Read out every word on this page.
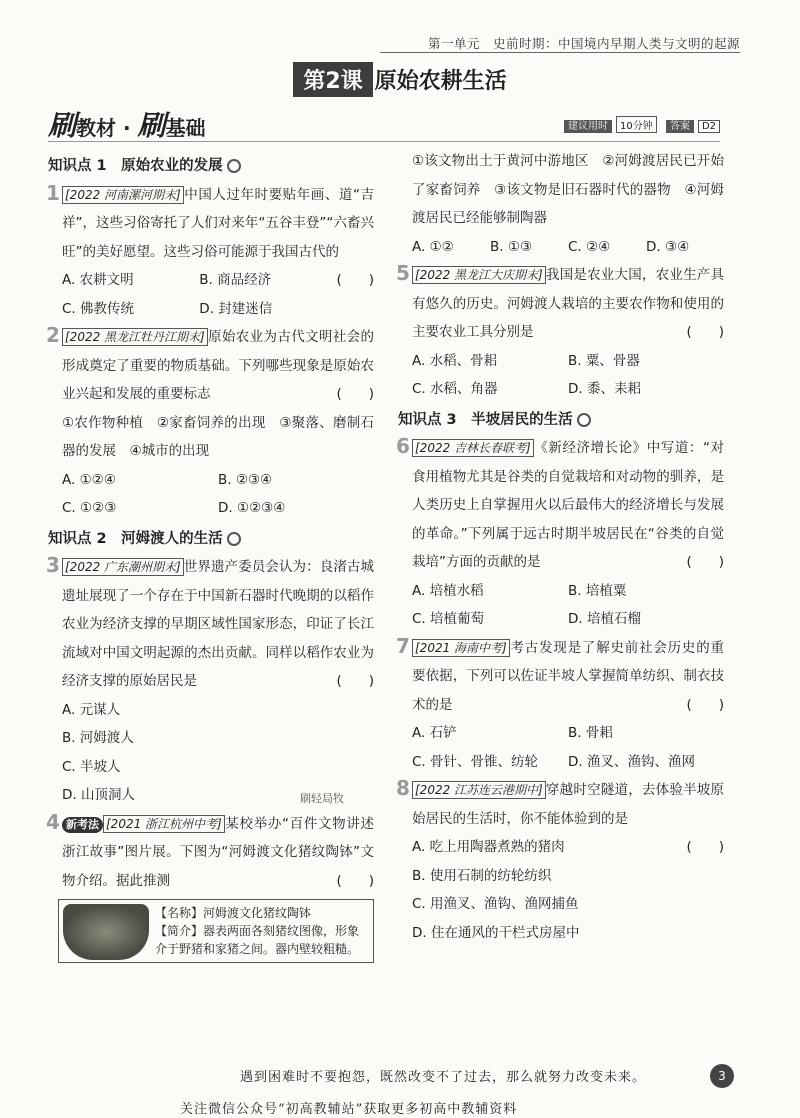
第一单元　史前时期：中国境内早期人类与文明的起源
第2课 原始农耕生活
刷教材 · 刷基础	建议用时 10分钟 答案 D2
知识点 1　原始农业的发展
1 [2022 河南漯河期末] 中国人过年时要贴年画、道“吉祥”，这些习俗寄托了人们对来年“五谷丰登”“六畜兴旺”的美好愿望。这些习俗可能源于我国古代的
(　　)
A. 农耕文明	B. 商品经济
C. 佛教传统	D. 封建迷信
2 [2022 黑龙江牡丹江期末] 原始农业为古代文明社会的形成奠定了重要的物质基础。下列哪些现象是原始农业兴起和发展的重要标志	(　　)

①农作物种植　②家畜饲养的出现　③聚落、磨制石器的发展　④城市的出现
A. ①②④	B. ②③④
C. ①②③	D. ①②③④
知识点 2　河姆渡人的生活
3 [2022 广东潮州期末] 世界遗产委员会认为：良渚古城遗址展现了一个存在于中国新石器时代晚期的以稻作农业为经济支撑的早期区域性国家形态，印证了长江流域对中国文明起源的杰出贡献。同样以稻作农业为经济支撑的原始居民是	(　　)
A. 元谋人
B. 河姆渡人
C. 半坡人
D. 山顶洞人
4 新考法 [2021 浙江杭州中考] 某校举办“百件文物讲述浙江故事”图片展。下图为“河姆渡文化猪纹陶钵”文物介绍。据此推测	(　　)
【名称】河姆渡文化猪纹陶钵
【简介】器表两面各刻猪纹图像，形象介于野猪和家猪之间。器内壁较粗糙。
刷轻局牧
①该文物出土于黄河中游地区　②河姆渡居民已开始了家畜饲养　③该文物是旧石器时代的器物　④河姆渡居民已经能够制陶器
A. ①②	B. ①③	C. ②④	D. ③④
5 [2022 黑龙江大庆期末] 我国是农业大国，农业生产具有悠久的历史。河姆渡人栽培的主要农作物和使用的主要农业工具分别是	(　　)
A. 水稻、骨耜	B. 粟、骨器
C. 水稻、角器	D. 黍、耒耜
知识点 3　半坡居民的生活
6 [2022 吉林长春联考] 《新经济增长论》中写道：“对食用植物尤其是谷类的自觉栽培和对动物的驯养，是人类历史上自掌握用火以后最伟大的经济增长与发展的革命。”下列属于远古时期半坡居民在“谷类的自觉栽培”方面的贡献的是	(　　)
A. 培植水稻	B. 培植粟
C. 培植葡萄	D. 培植石榴
7 [2021 海南中考] 考古发现是了解史前社会历史的重要依据，下列可以佐证半坡人掌握简单纺织、制衣技术的是	(　　)
A. 石铲	B. 骨耜
C. 骨针、骨锥、纺轮	D. 渔叉、渔钩、渔网
8 [2022 江苏连云港期中] 穿越时空隧道，去体验半坡原始居民的生活时，你不能体验到的是

(　　)
A. 吃上用陶器煮熟的猪肉
B. 使用石制的纺轮纺织
C. 用渔叉、渔钩、渔网捕鱼
D. 住在通风的干栏式房屋中
遇到困难时不要抱怨，既然改变不了过去，那么就努力改变未来。	3
关注微信公众号“初高教辅站”获取更多初高中教辅资料
